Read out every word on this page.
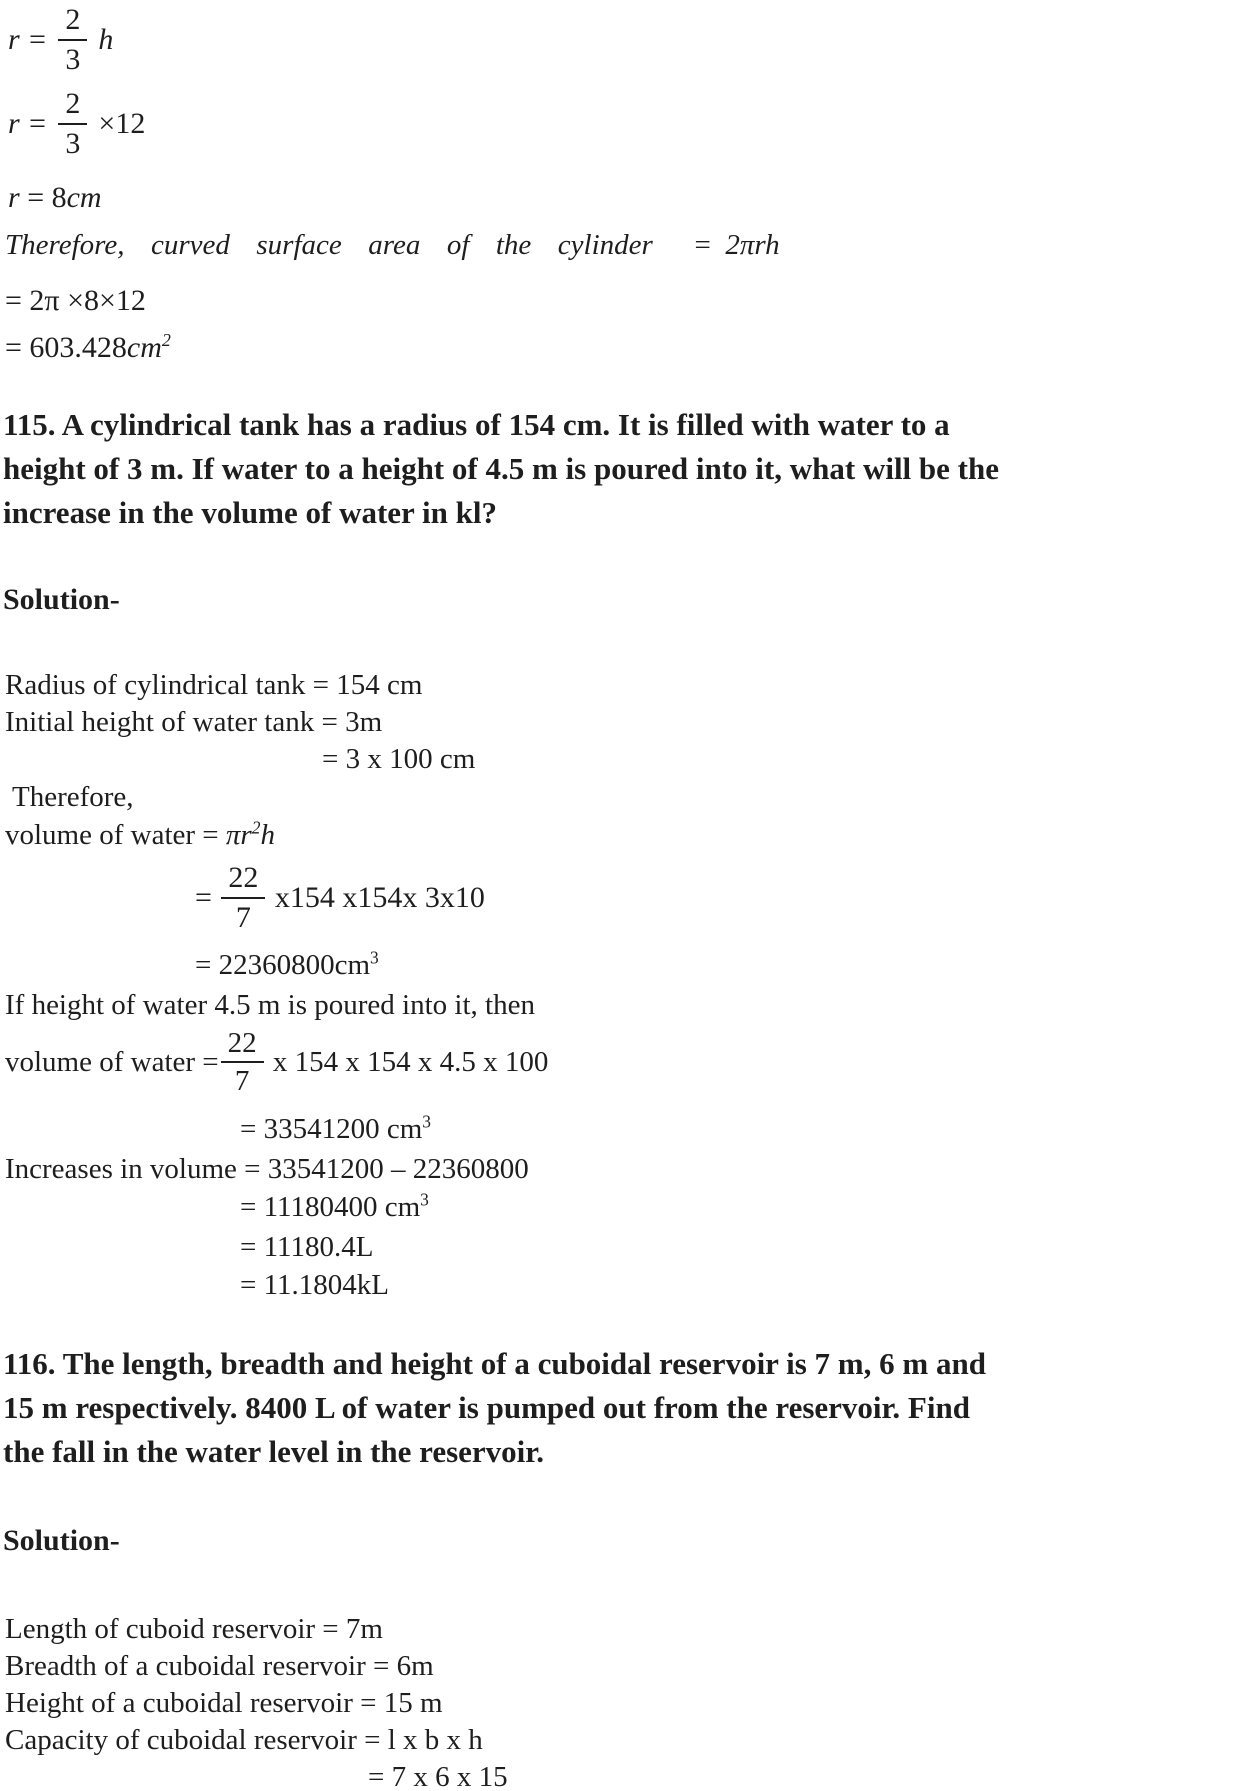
$r = \frac{2}{3}$ h
$r = \frac{2}{3} \times 12$
r = 8cm
Therefore,  curved  surface  area  of  the  cylinder   = 2πrh
= 2π ×8×12
= $603.428cm^2$
115. A cylindrical tank has a radius of 154 cm. It is filled with water to a
height of 3 m. If water to a height of 4.5 m is poured into it, what will be the
increase in the volume of water in kl?
Solution-
Radius of cylindrical tank = 154 cm
Initial height of water tank = 3m
= 3 x 100 cm
Therefore,
volume of water = $\pi r^2h$
= $\frac{22}{7} x154$ x154x 3x10
= $22360800cm^3$
If height of water 4.5 m is poured into it, then
volume of water = $\frac{22}{7}$ x 154 x 154 x 4.5 x 100
= 33541200 $cm^3$
Increases in volume = 33541200 – 22360800
= 11180400 $cm^3$
= 11180.4L
= 11.1804kL
116. The length, breadth and height of a cuboidal reservoir is 7 m, 6 m and
15 m respectively. 8400 L of water is pumped out from the reservoir. Find
the fall in the water level in the reservoir.
Solution-
Length of cuboid reservoir = 7m
Breadth of a cuboidal reservoir = 6m
Height of a cuboidal reservoir = 15 m
Capacity of cuboidal reservoir = l x b x h
= 7 x 6 x 15
